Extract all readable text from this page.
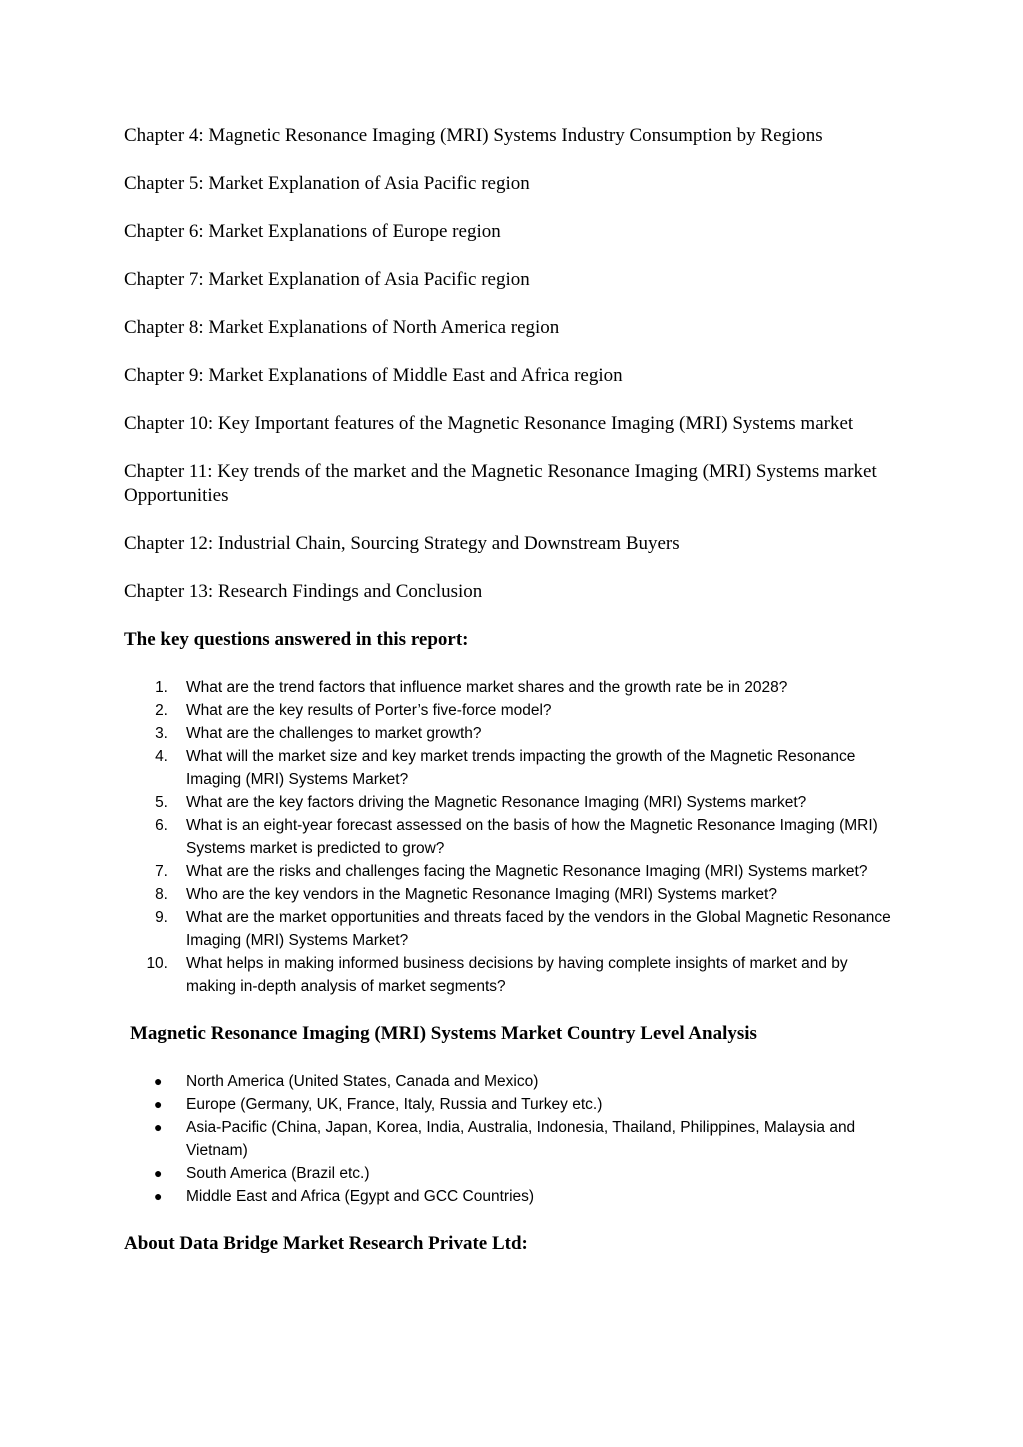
Chapter 4: Magnetic Resonance Imaging (MRI) Systems Industry Consumption by Regions

Chapter 5: Market Explanation of Asia Pacific region

Chapter 6: Market Explanations of Europe region

Chapter 7: Market Explanation of Asia Pacific region

Chapter 8: Market Explanations of North America region

Chapter 9: Market Explanations of Middle East and Africa region

Chapter 10: Key Important features of the Magnetic Resonance Imaging (MRI) Systems market

Chapter 11: Key trends of the market and the Magnetic Resonance Imaging (MRI) Systems market Opportunities

Chapter 12: Industrial Chain, Sourcing Strategy and Downstream Buyers

Chapter 13: Research Findings and Conclusion

The key questions answered in this report:
1. What are the trend factors that influence market shares and the growth rate be in 2028?
2. What are the key results of Porter’s five-force model?
3. What are the challenges to market growth?
4. What will the market size and key market trends impacting the growth of the Magnetic Resonance Imaging (MRI) Systems Market?
5. What are the key factors driving the Magnetic Resonance Imaging (MRI) Systems market?
6. What is an eight-year forecast assessed on the basis of how the Magnetic Resonance Imaging (MRI) Systems market is predicted to grow?
7. What are the risks and challenges facing the Magnetic Resonance Imaging (MRI) Systems market?
8. Who are the key vendors in the Magnetic Resonance Imaging (MRI) Systems market?
9. What are the market opportunities and threats faced by the vendors in the Global Magnetic Resonance Imaging (MRI) Systems Market?
10. What helps in making informed business decisions by having complete insights of market and by making in-depth analysis of market segments?
Magnetic Resonance Imaging (MRI) Systems Market Country Level Analysis
● North America (United States, Canada and Mexico)
● Europe (Germany, UK, France, Italy, Russia and Turkey etc.)
● Asia-Pacific (China, Japan, Korea, India, Australia, Indonesia, Thailand, Philippines, Malaysia and Vietnam)
● South America (Brazil etc.)
● Middle East and Africa (Egypt and GCC Countries)
About Data Bridge Market Research Private Ltd:
